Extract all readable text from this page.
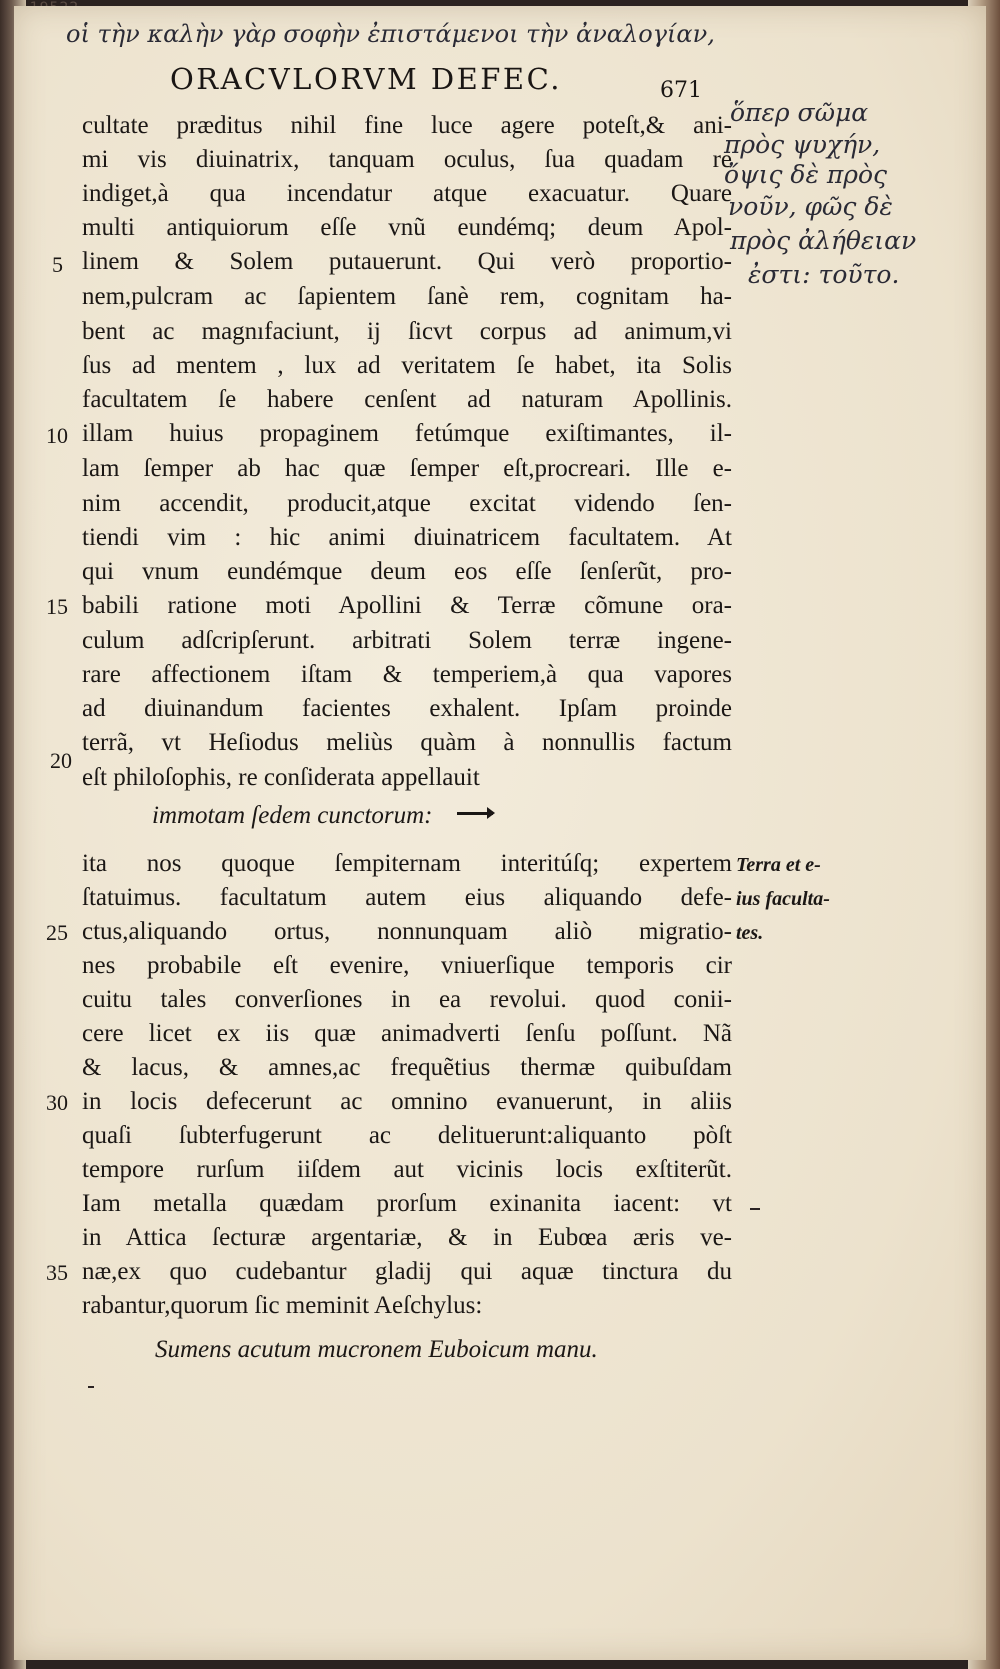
οἱ τὴν καλὴν γὰρ σοφὴν ἐπιστάμενοι τὴν ἀναλογίαν,
ὅπερ σῶμα
πρὸς ψυχήν,
ὄψις δὲ πρὸς
νοῦν, φῶς δὲ
πρὸς ἀλήθειαν
ἐστι: τοῦτο.
ORACVLORVM DEFEC.	671
cultate præditus nihil fine luce agere poteſt,& ani-
mi vis diuinatrix, tanquam oculus, ſua quadam re
indiget,à qua incendatur atque exacuatur. Quare
multi antiquiorum eſſe vnũ eundémq; deum Apol-
linem & Solem putauerunt. Qui verò proportio-
nem,pulcram ac ſapientem ſanè rem, cognitam ha-
bent ac magnıfaciunt, ij ſicvt corpus ad animum,vi
ſus ad mentem , lux ad veritatem ſe habet, ita Solis
facultatem ſe habere cenſent ad naturam Apollinis.
illam huius propaginem fetúmque exiſtimantes, il-
lam ſemper ab hac quæ ſemper eſt,procreari. Ille e-
nim accendit, producit,atque excitat videndo ſen-
tiendi vim : hic animi diuinatricem facultatem. At
qui vnum eundémque deum eos eſſe ſenſerũt, pro-
babili ratione moti Apollini & Terræ cõmune ora-
culum adſcripſerunt. arbitrati Solem terræ ingene-
rare affectionem iſtam & temperiem,à qua vapores
ad diuinandum facientes exhalent. Ipſam proinde
terrã, vt Heſiodus meliùs quàm à nonnullis factum
eſt philoſophis, re conſiderata appellauit
immotam ſedem cunctorum:
ita nos quoque ſempiternam interitúſq; expertem
ſtatuimus. facultatum autem eius aliquando defe-
ctus,aliquando ortus, nonnunquam aliò migratio-
nes probabile eſt evenire, vniuerſique temporis cir
cuitu tales converſiones in ea revolui. quod conii-
cere licet ex iis quæ animadverti ſenſu poſſunt. Nã
& lacus, & amnes,ac frequẽtius thermæ quibuſdam
in locis defecerunt ac omnino evanuerunt, in aliis
quaſi ſubterfugerunt ac delituerunt:aliquanto pòſt
tempore rurſum iiſdem aut vicinis locis exſtiterũt.
Iam metalla quædam prorſum exinanita iacent: vt
in Attica ſecturæ argentariæ, & in Eubœa æris ve-
næ,ex quo cudebantur gladij qui aquæ tinctura du
rabantur,quorum ſic meminit Aeſchylus:
Sumens acutum mucronem Euboicum manu.
5
10
15
20
25
30
35
Terra et e-
ius faculta-
tes.
